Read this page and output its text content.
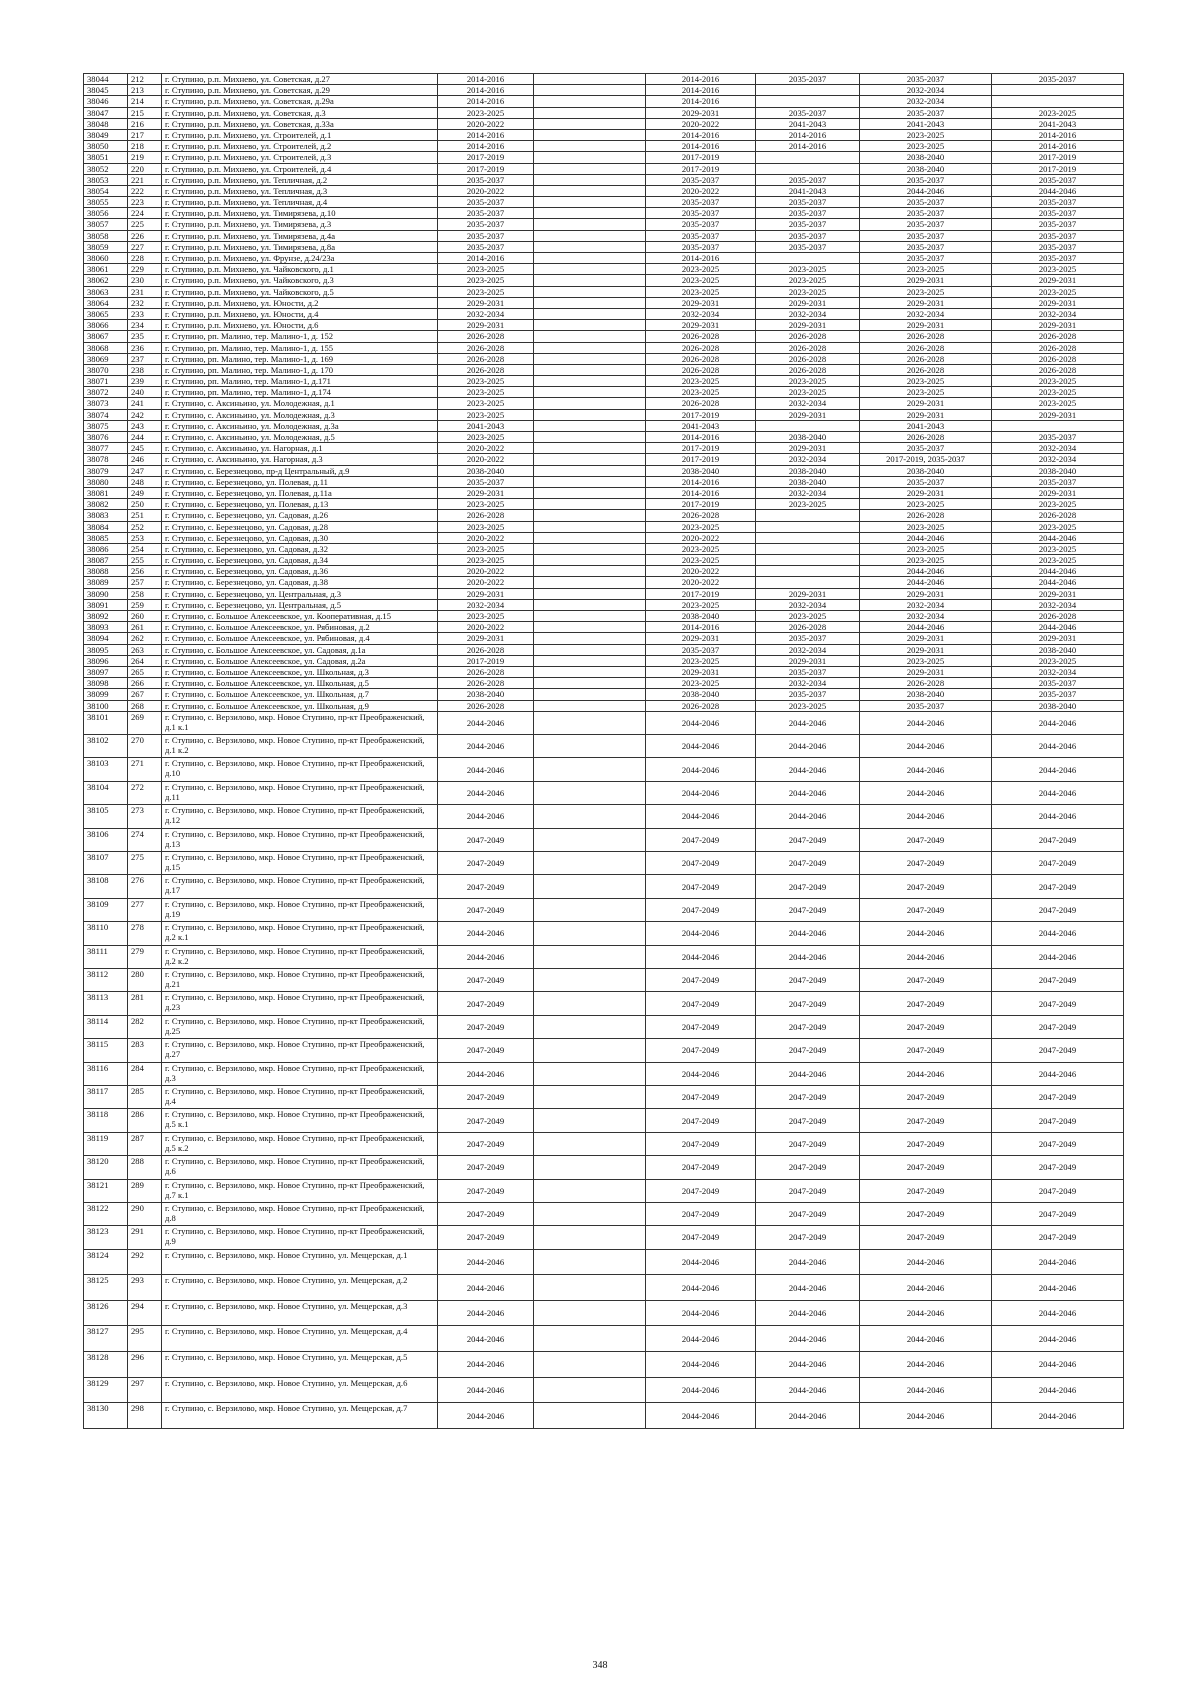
38044	212	г. Ступино, р.п. Михнево, ул. Советская, д.27	2014-2016		2014-2016	2035-2037	2035-2037	2035-2037
38045	213	г. Ступино, р.п. Михнево, ул. Советская, д.29	2014-2016		2014-2016		2032-2034	
38046	214	г. Ступино, р.п. Михнево, ул. Советская, д.29а	2014-2016		2014-2016		2032-2034	
38047	215	г. Ступино, р.п. Михнево, ул. Советская, д.3	2023-2025		2029-2031	2035-2037	2035-2037	2023-2025
38048	216	г. Ступино, р.п. Михнево, ул. Советская, д.33а	2020-2022		2020-2022	2041-2043	2041-2043	2041-2043
38049	217	г. Ступино, р.п. Михнево, ул. Строителей, д.1	2014-2016		2014-2016	2014-2016	2023-2025	2014-2016
38050	218	г. Ступино, р.п. Михнево, ул. Строителей, д.2	2014-2016		2014-2016	2014-2016	2023-2025	2014-2016
38051	219	г. Ступино, р.п. Михнево, ул. Строителей, д.3	2017-2019		2017-2019		2038-2040	2017-2019
38052	220	г. Ступино, р.п. Михнево, ул. Строителей, д.4	2017-2019		2017-2019		2038-2040	2017-2019
38053	221	г. Ступино, р.п. Михнево, ул. Тепличная, д.2	2035-2037		2035-2037	2035-2037	2035-2037	2035-2037
38054	222	г. Ступино, р.п. Михнево, ул. Тепличная, д.3	2020-2022		2020-2022	2041-2043	2044-2046	2044-2046
38055	223	г. Ступино, р.п. Михнево, ул. Тепличная, д.4	2035-2037		2035-2037	2035-2037	2035-2037	2035-2037
38056	224	г. Ступино, р.п. Михнево, ул. Тимирязева, д.10	2035-2037		2035-2037	2035-2037	2035-2037	2035-2037
38057	225	г. Ступино, р.п. Михнево, ул. Тимирязева, д.3	2035-2037		2035-2037	2035-2037	2035-2037	2035-2037
38058	226	г. Ступино, р.п. Михнево, ул. Тимирязева, д.4а	2035-2037		2035-2037	2035-2037	2035-2037	2035-2037
38059	227	г. Ступино, р.п. Михнево, ул. Тимирязева, д.8а	2035-2037		2035-2037	2035-2037	2035-2037	2035-2037
38060	228	г. Ступино, р.п. Михнево, ул. Фрунзе, д.24/23а	2014-2016		2014-2016		2035-2037	2035-2037
38061	229	г. Ступино, р.п. Михнево, ул. Чайковского, д.1	2023-2025		2023-2025	2023-2025	2023-2025	2023-2025
38062	230	г. Ступино, р.п. Михнево, ул. Чайковского, д.3	2023-2025		2023-2025	2023-2025	2029-2031	2029-2031
38063	231	г. Ступино, р.п. Михнево, ул. Чайковского, д.5	2023-2025		2023-2025	2023-2025	2023-2025	2023-2025
38064	232	г. Ступино, р.п. Михнево, ул. Юности, д.2	2029-2031		2029-2031	2029-2031	2029-2031	2029-2031
38065	233	г. Ступино, р.п. Михнево, ул. Юности, д.4	2032-2034		2032-2034	2032-2034	2032-2034	2032-2034
38066	234	г. Ступино, р.п. Михнево, ул. Юности, д.6	2029-2031		2029-2031	2029-2031	2029-2031	2029-2031
38067	235	г. Ступино, рп. Малино, тер. Малино-1, д. 152	2026-2028		2026-2028	2026-2028	2026-2028	2026-2028
38068	236	г. Ступино, рп. Малино, тер. Малино-1, д. 155	2026-2028		2026-2028	2026-2028	2026-2028	2026-2028
38069	237	г. Ступино, рп. Малино, тер. Малино-1, д. 169	2026-2028		2026-2028	2026-2028	2026-2028	2026-2028
38070	238	г. Ступино, рп. Малино, тер. Малино-1, д. 170	2026-2028		2026-2028	2026-2028	2026-2028	2026-2028
38071	239	г. Ступино, рп. Малино, тер. Малино-1, д.171	2023-2025		2023-2025	2023-2025	2023-2025	2023-2025
38072	240	г. Ступино, рп. Малино, тер. Малино-1, д.174	2023-2025		2023-2025	2023-2025	2023-2025	2023-2025
38073	241	г. Ступино, с. Аксиньино, ул. Молодежная, д.1	2023-2025		2026-2028	2032-2034	2029-2031	2023-2025
38074	242	г. Ступино, с. Аксиньино, ул. Молодежная, д.3	2023-2025		2017-2019	2029-2031	2029-2031	2029-2031
38075	243	г. Ступино, с. Аксиньино, ул. Молодежная, д.3а	2041-2043		2041-2043		2041-2043	
38076	244	г. Ступино, с. Аксиньино, ул. Молодежная, д.5	2023-2025		2014-2016	2038-2040	2026-2028	2035-2037
38077	245	г. Ступино, с. Аксиньино, ул. Нагорная, д.1	2020-2022		2017-2019	2029-2031	2035-2037	2032-2034
38078	246	г. Ступино, с. Аксиньино, ул. Нагорная, д.3	2020-2022		2017-2019	2032-2034	2017-2019, 2035-2037	2032-2034
38079	247	г. Ступино, с. Березнецово, пр-д Центральный, д.9	2038-2040		2038-2040	2038-2040	2038-2040	2038-2040
38080	248	г. Ступино, с. Березнецово, ул. Полевая, д.11	2035-2037		2014-2016	2038-2040	2035-2037	2035-2037
38081	249	г. Ступино, с. Березнецово, ул. Полевая, д.11а	2029-2031		2014-2016	2032-2034	2029-2031	2029-2031
38082	250	г. Ступино, с. Березнецово, ул. Полевая, д.13	2023-2025		2017-2019	2023-2025	2023-2025	2023-2025
38083	251	г. Ступино, с. Березнецово, ул. Садовая, д.26	2026-2028		2026-2028		2026-2028	2026-2028
38084	252	г. Ступино, с. Березнецово, ул. Садовая, д.28	2023-2025		2023-2025		2023-2025	2023-2025
38085	253	г. Ступино, с. Березнецово, ул. Садовая, д.30	2020-2022		2020-2022		2044-2046	2044-2046
38086	254	г. Ступино, с. Березнецово, ул. Садовая, д.32	2023-2025		2023-2025		2023-2025	2023-2025
38087	255	г. Ступино, с. Березнецово, ул. Садовая, д.34	2023-2025		2023-2025		2023-2025	2023-2025
38088	256	г. Ступино, с. Березнецово, ул. Садовая, д.36	2020-2022		2020-2022		2044-2046	2044-2046
38089	257	г. Ступино, с. Березнецово, ул. Садовая, д.38	2020-2022		2020-2022		2044-2046	2044-2046
38090	258	г. Ступино, с. Березнецово, ул. Центральная, д.3	2029-2031		2017-2019	2029-2031	2029-2031	2029-2031
38091	259	г. Ступино, с. Березнецово, ул. Центральная, д.5	2032-2034		2023-2025	2032-2034	2032-2034	2032-2034
38092	260	г. Ступино, с. Большое Алексеевское, ул. Кооперативная, д.15	2023-2025		2038-2040	2023-2025	2032-2034	2026-2028
38093	261	г. Ступино, с. Большое Алексеевское, ул. Рябиновая, д.2	2020-2022		2014-2016	2026-2028	2044-2046	2044-2046
38094	262	г. Ступино, с. Большое Алексеевское, ул. Рябиновая, д.4	2029-2031		2029-2031	2035-2037	2029-2031	2029-2031
38095	263	г. Ступино, с. Большое Алексеевское, ул. Садовая, д.1а	2026-2028		2035-2037	2032-2034	2029-2031	2038-2040
38096	264	г. Ступино, с. Большое Алексеевское, ул. Садовая, д.2а	2017-2019		2023-2025	2029-2031	2023-2025	2023-2025
38097	265	г. Ступино, с. Большое Алексеевское, ул. Школьная, д.3	2026-2028		2029-2031	2035-2037	2029-2031	2032-2034
38098	266	г. Ступино, с. Большое Алексеевское, ул. Школьная, д.5	2026-2028		2023-2025	2032-2034	2026-2028	2035-2037
38099	267	г. Ступино, с. Большое Алексеевское, ул. Школьная, д.7	2038-2040		2038-2040	2035-2037	2038-2040	2035-2037
38100	268	г. Ступино, с. Большое Алексеевское, ул. Школьная, д.9	2026-2028		2026-2028	2023-2025	2035-2037	2038-2040
38101	269	г. Ступино, с. Верзилово, мкр. Новое Ступино, пр-кт Преображенский, д.1 к.1	2044-2046		2044-2046	2044-2046	2044-2046	2044-2046
38102	270	г. Ступино, с. Верзилово, мкр. Новое Ступино, пр-кт Преображенский, д.1 к.2	2044-2046		2044-2046	2044-2046	2044-2046	2044-2046
38103	271	г. Ступино, с. Верзилово, мкр. Новое Ступино, пр-кт Преображенский, д.10	2044-2046		2044-2046	2044-2046	2044-2046	2044-2046
38104	272	г. Ступино, с. Верзилово, мкр. Новое Ступино, пр-кт Преображенский, д.11	2044-2046		2044-2046	2044-2046	2044-2046	2044-2046
38105	273	г. Ступино, с. Верзилово, мкр. Новое Ступино, пр-кт Преображенский, д.12	2044-2046		2044-2046	2044-2046	2044-2046	2044-2046
38106	274	г. Ступино, с. Верзилово, мкр. Новое Ступино, пр-кт Преображенский, д.13	2047-2049		2047-2049	2047-2049	2047-2049	2047-2049
38107	275	г. Ступино, с. Верзилово, мкр. Новое Ступино, пр-кт Преображенский, д.15	2047-2049		2047-2049	2047-2049	2047-2049	2047-2049
38108	276	г. Ступино, с. Верзилово, мкр. Новое Ступино, пр-кт Преображенский, д.17	2047-2049		2047-2049	2047-2049	2047-2049	2047-2049
38109	277	г. Ступино, с. Верзилово, мкр. Новое Ступино, пр-кт Преображенский, д.19	2047-2049		2047-2049	2047-2049	2047-2049	2047-2049
38110	278	г. Ступино, с. Верзилово, мкр. Новое Ступино, пр-кт Преображенский, д.2 к.1	2044-2046		2044-2046	2044-2046	2044-2046	2044-2046
38111	279	г. Ступино, с. Верзилово, мкр. Новое Ступино, пр-кт Преображенский, д.2 к.2	2044-2046		2044-2046	2044-2046	2044-2046	2044-2046
38112	280	г. Ступино, с. Верзилово, мкр. Новое Ступино, пр-кт Преображенский, д.21	2047-2049		2047-2049	2047-2049	2047-2049	2047-2049
38113	281	г. Ступино, с. Верзилово, мкр. Новое Ступино, пр-кт Преображенский, д.23	2047-2049		2047-2049	2047-2049	2047-2049	2047-2049
38114	282	г. Ступино, с. Верзилово, мкр. Новое Ступино, пр-кт Преображенский, д.25	2047-2049		2047-2049	2047-2049	2047-2049	2047-2049
38115	283	г. Ступино, с. Верзилово, мкр. Новое Ступино, пр-кт Преображенский, д.27	2047-2049		2047-2049	2047-2049	2047-2049	2047-2049
38116	284	г. Ступино, с. Верзилово, мкр. Новое Ступино, пр-кт Преображенский, д.3	2044-2046		2044-2046	2044-2046	2044-2046	2044-2046
38117	285	г. Ступино, с. Верзилово, мкр. Новое Ступино, пр-кт Преображенский, д.4	2047-2049		2047-2049	2047-2049	2047-2049	2047-2049
38118	286	г. Ступино, с. Верзилово, мкр. Новое Ступино, пр-кт Преображенский, д.5 к.1	2047-2049		2047-2049	2047-2049	2047-2049	2047-2049
38119	287	г. Ступино, с. Верзилово, мкр. Новое Ступино, пр-кт Преображенский, д.5 к.2	2047-2049		2047-2049	2047-2049	2047-2049	2047-2049
38120	288	г. Ступино, с. Верзилово, мкр. Новое Ступино, пр-кт Преображенский, д.6	2047-2049		2047-2049	2047-2049	2047-2049	2047-2049
38121	289	г. Ступино, с. Верзилово, мкр. Новое Ступино, пр-кт Преображенский, д.7 к.1	2047-2049		2047-2049	2047-2049	2047-2049	2047-2049
38122	290	г. Ступино, с. Верзилово, мкр. Новое Ступино, пр-кт Преображенский, д.8	2047-2049		2047-2049	2047-2049	2047-2049	2047-2049
38123	291	г. Ступино, с. Верзилово, мкр. Новое Ступино, пр-кт Преображенский, д.9	2047-2049		2047-2049	2047-2049	2047-2049	2047-2049
38124	292	г. Ступино, с. Верзилово, мкр. Новое Ступино, ул. Мещерская, д.1	2044-2046		2044-2046	2044-2046	2044-2046	2044-2046
38125	293	г. Ступино, с. Верзилово, мкр. Новое Ступино, ул. Мещерская, д.2	2044-2046		2044-2046	2044-2046	2044-2046	2044-2046
38126	294	г. Ступино, с. Верзилово, мкр. Новое Ступино, ул. Мещерская, д.3	2044-2046		2044-2046	2044-2046	2044-2046	2044-2046
38127	295	г. Ступино, с. Верзилово, мкр. Новое Ступино, ул. Мещерская, д.4	2044-2046		2044-2046	2044-2046	2044-2046	2044-2046
38128	296	г. Ступино, с. Верзилово, мкр. Новое Ступино, ул. Мещерская, д.5	2044-2046		2044-2046	2044-2046	2044-2046	2044-2046
38129	297	г. Ступино, с. Верзилово, мкр. Новое Ступино, ул. Мещерская, д.6	2044-2046		2044-2046	2044-2046	2044-2046	2044-2046
38130	298	г. Ступино, с. Верзилово, мкр. Новое Ступино, ул. Мещерская, д.7	2044-2046		2044-2046	2044-2046	2044-2046	2044-2046
348
